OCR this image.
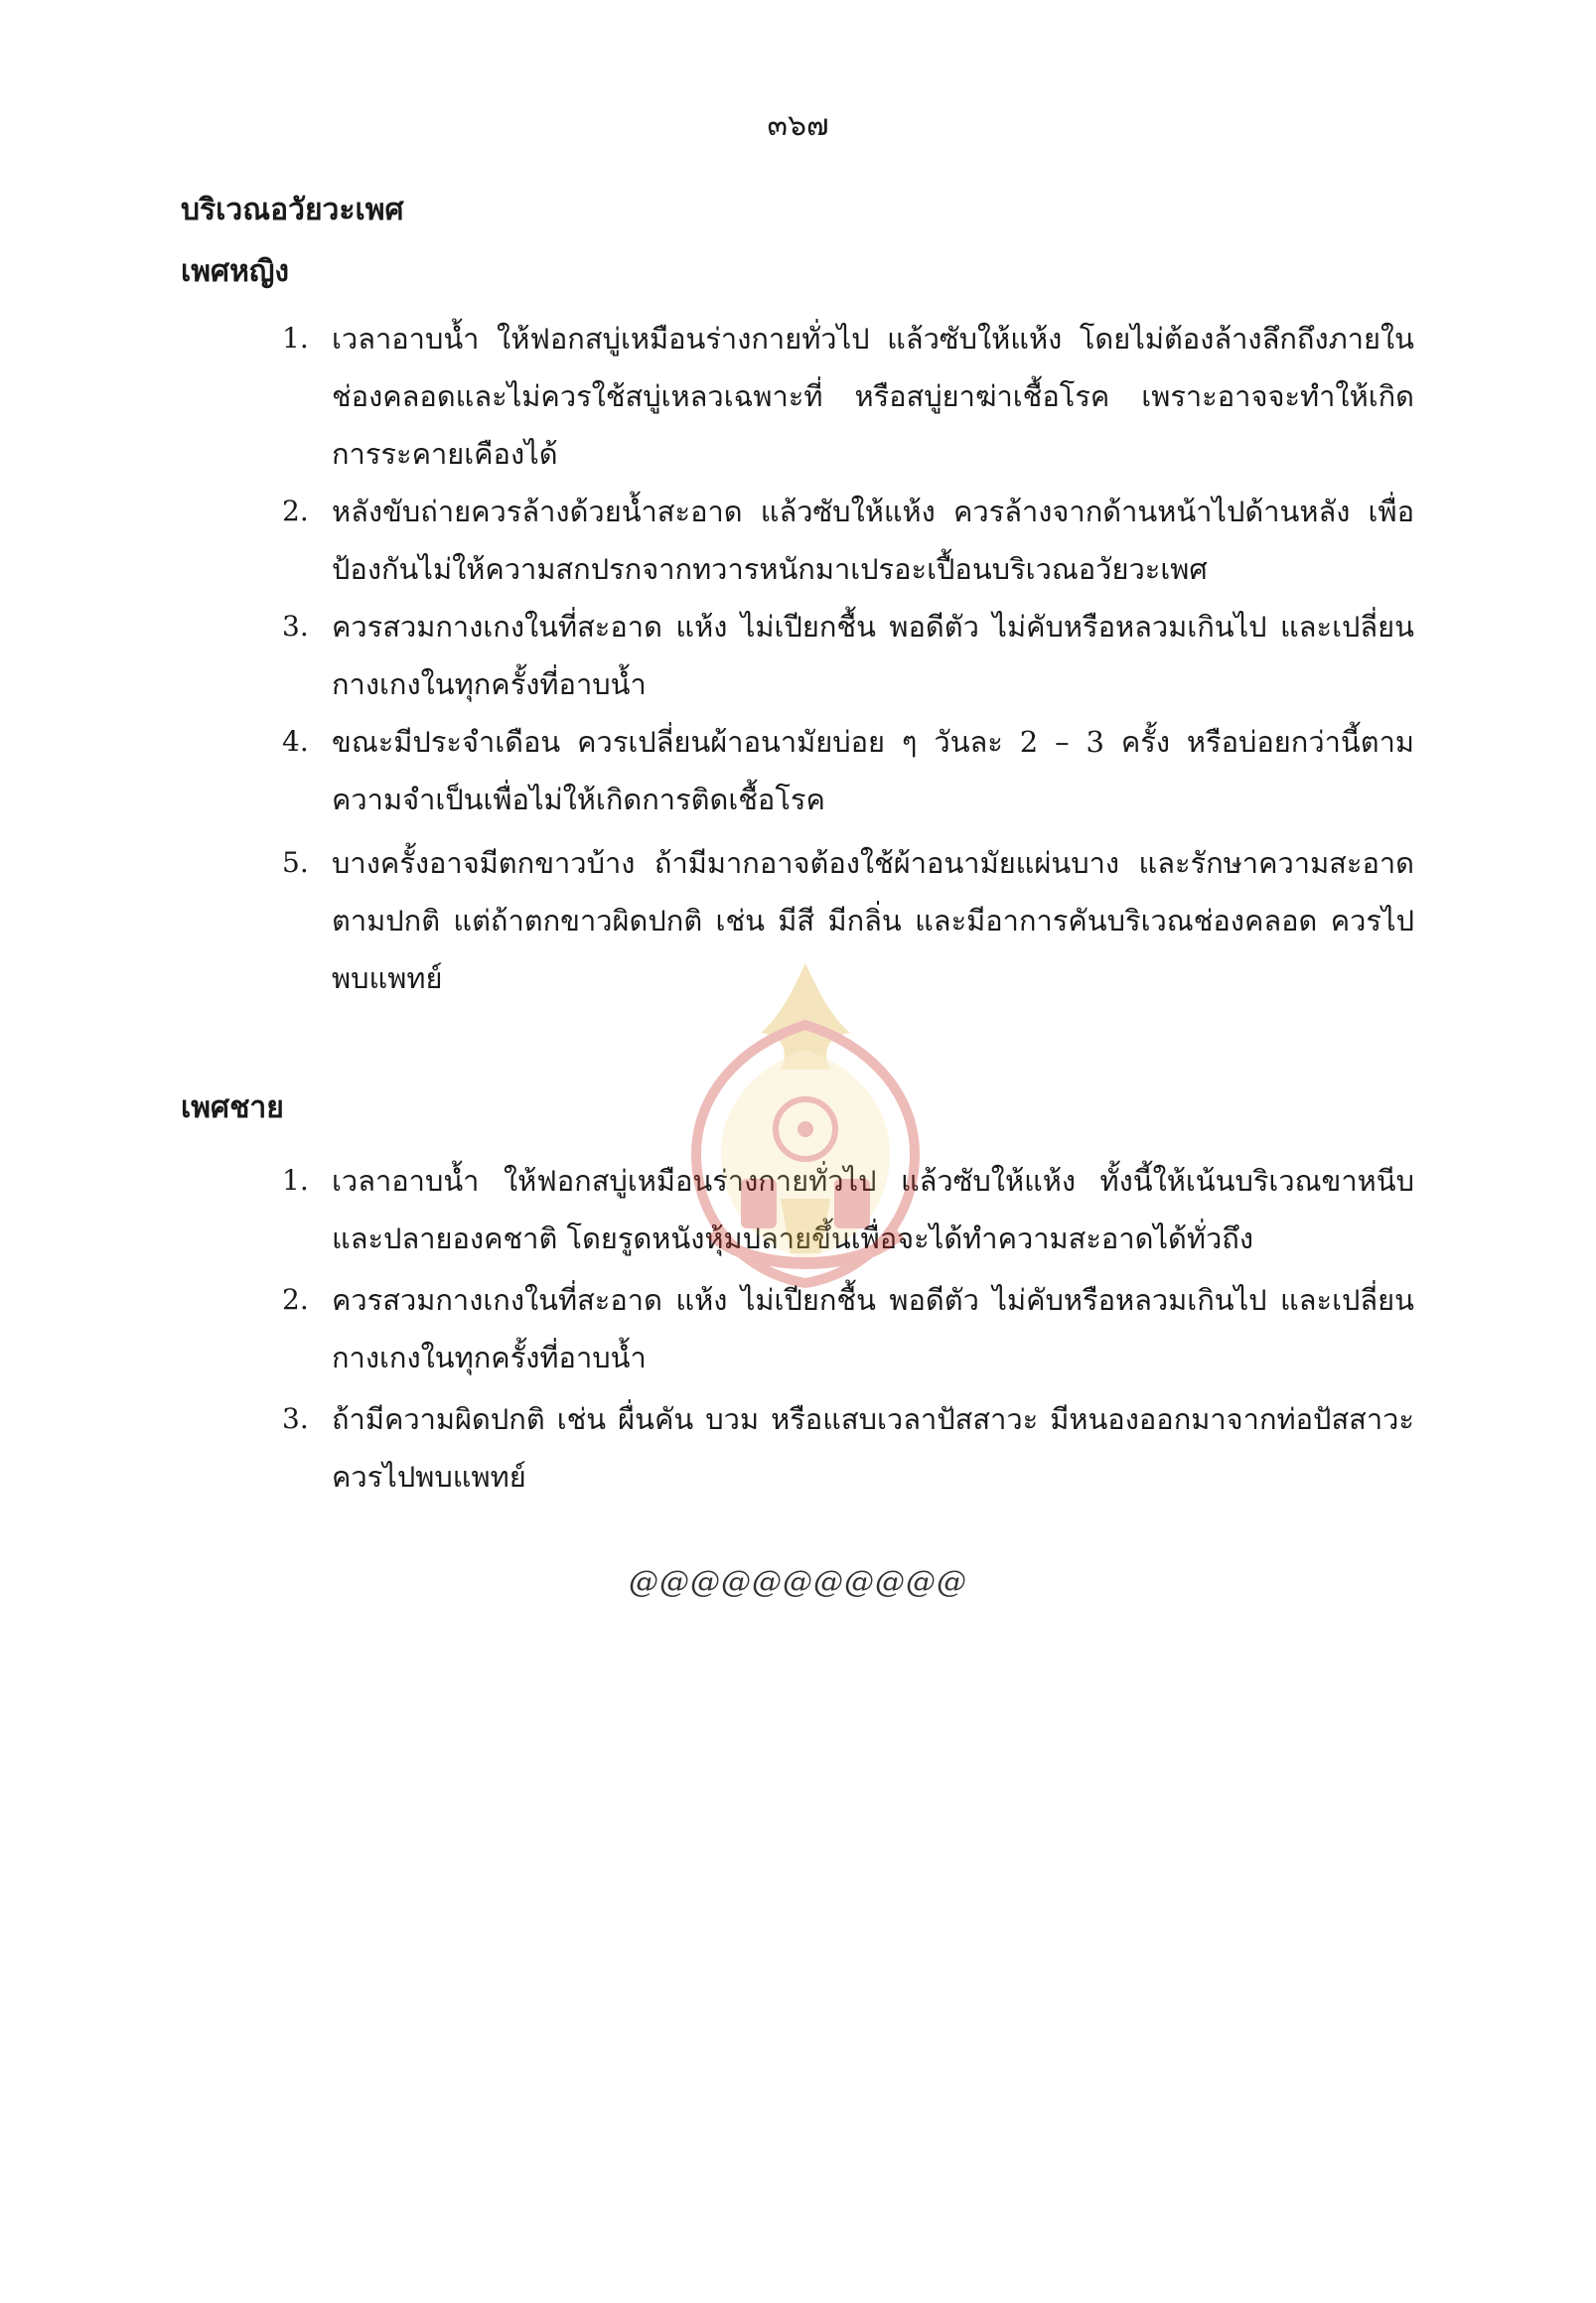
๓๖๗
บริเวณอวัยวะเพศ
เพศหญิง
1. เวลาอาบน้ำ ให้ฟอกสบู่เหมือนร่างกายทั่วไป แล้วซับให้แห้ง โดยไม่ต้องล้างลึกถึงภายในช่องคลอดและไม่ควรใช้สบู่เหลวเฉพาะที่ หรือสบู่ยาฆ่าเชื้อโรค เพราะอาจจะทำให้เกิดการระคายเคืองได้
2. หลังขับถ่ายควรล้างด้วยน้ำสะอาด แล้วซับให้แห้ง ควรล้างจากด้านหน้าไปด้านหลัง เพื่อป้องกันไม่ให้ความสกปรกจากทวารหนักมาเปรอะเปื้อนบริเวณอวัยวะเพศ
3. ควรสวมกางเกงในที่สะอาด แห้ง ไม่เปียกชื้น พอดีตัว ไม่คับหรือหลวมเกินไป และเปลี่ยนกางเกงในทุกครั้งที่อาบน้ำ
4. ขณะมีประจำเดือน ควรเปลี่ยนผ้าอนามัยบ่อย ๆ วันละ 2 – 3 ครั้ง หรือบ่อยกว่านี้ตามความจำเป็นเพื่อไม่ให้เกิดการติดเชื้อโรค
5. บางครั้งอาจมีตกขาวบ้าง ถ้ามีมากอาจต้องใช้ผ้าอนามัยแผ่นบาง และรักษาความสะอาดตามปกติ แต่ถ้าตกขาวผิดปกติ เช่น มีสี มีกลิ่น และมีอาการคันบริเวณช่องคลอด ควรไปพบแพทย์
เพศชาย
1. เวลาอาบน้ำ ให้ฟอกสบู่เหมือนร่างกายทั่วไป แล้วซับให้แห้ง ทั้งนี้ให้เน้นบริเวณขาหนีบและปลายองคชาติ โดยรูดหนังหุ้มปลายขึ้นเพื่อจะได้ทำความสะอาดได้ทั่วถึง
2. ควรสวมกางเกงในที่สะอาด แห้ง ไม่เปียกชื้น พอดีตัว ไม่คับหรือหลวมเกินไป และเปลี่ยนกางเกงในทุกครั้งที่อาบน้ำ
3. ถ้ามีความผิดปกติ เช่น ผื่นคัน บวม หรือแสบเวลาปัสสาวะ มีหนองออกมาจากท่อปัสสาวะ ควรไปพบแพทย์
@@@@@@@@@@@
